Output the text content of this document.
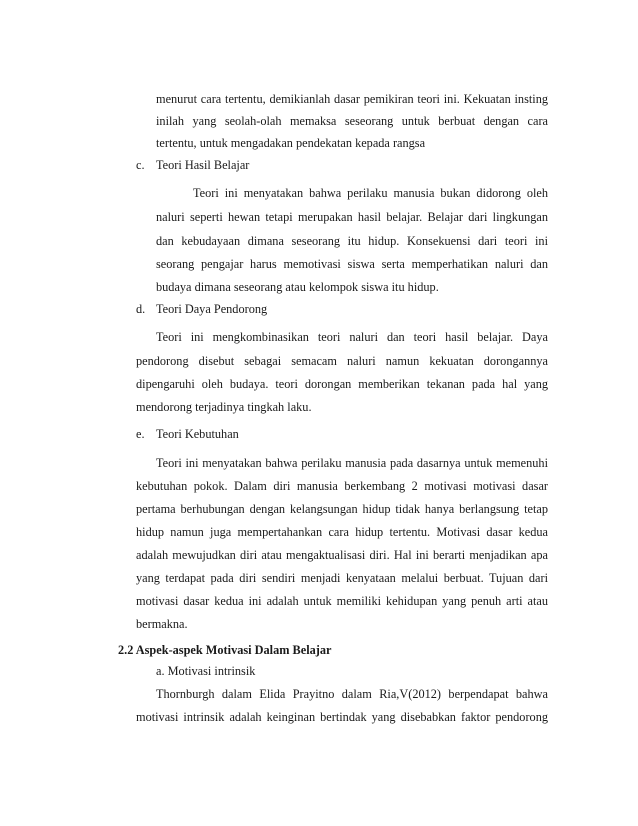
menurut cara tertentu, demikianlah dasar pemikiran teori ini. Kekuatan insting
inilah yang seolah-olah memaksa seseorang untuk berbuat dengan cara
tertentu, untuk mengadakan pendekatan kepada rangsa
c. Teori Hasil Belajar
Teori ini menyatakan bahwa perilaku manusia bukan didorong oleh
naluri seperti hewan tetapi merupakan hasil belajar. Belajar dari lingkungan
dan kebudayaan dimana seseorang itu hidup. Konsekuensi dari teori ini
seorang pengajar harus memotivasi siswa serta memperhatikan naluri dan
budaya dimana seseorang atau kelompok siswa itu hidup.
d. Teori Daya Pendorong
Teori ini mengkombinasikan teori naluri dan teori hasil belajar. Daya
pendorong disebut sebagai semacam naluri namun kekuatan dorongannya
dipengaruhi oleh budaya. teori dorongan memberikan tekanan pada hal yang
mendorong terjadinya tingkah laku.
e. Teori Kebutuhan
Teori ini menyatakan bahwa perilaku manusia pada dasarnya untuk memenuhi
kebutuhan pokok. Dalam diri manusia berkembang 2 motivasi motivasi dasar
pertama berhubungan dengan kelangsungan hidup tidak hanya berlangsung tetap
hidup namun juga mempertahankan cara hidup tertentu. Motivasi dasar kedua
adalah mewujudkan diri atau mengaktualisasi diri. Hal ini berarti menjadikan apa
yang terdapat pada diri sendiri menjadi kenyataan melalui berbuat. Tujuan dari
motivasi dasar kedua ini adalah untuk memiliki kehidupan yang penuh arti atau
bermakna.
2.2 Aspek-aspek Motivasi Dalam Belajar
a. Motivasi intrinsik
Thornburgh dalam Elida Prayitno dalam Ria,V(2012) berpendapat bahwa
motivasi intrinsik adalah keinginan bertindak yang disebabkan faktor pendorong
